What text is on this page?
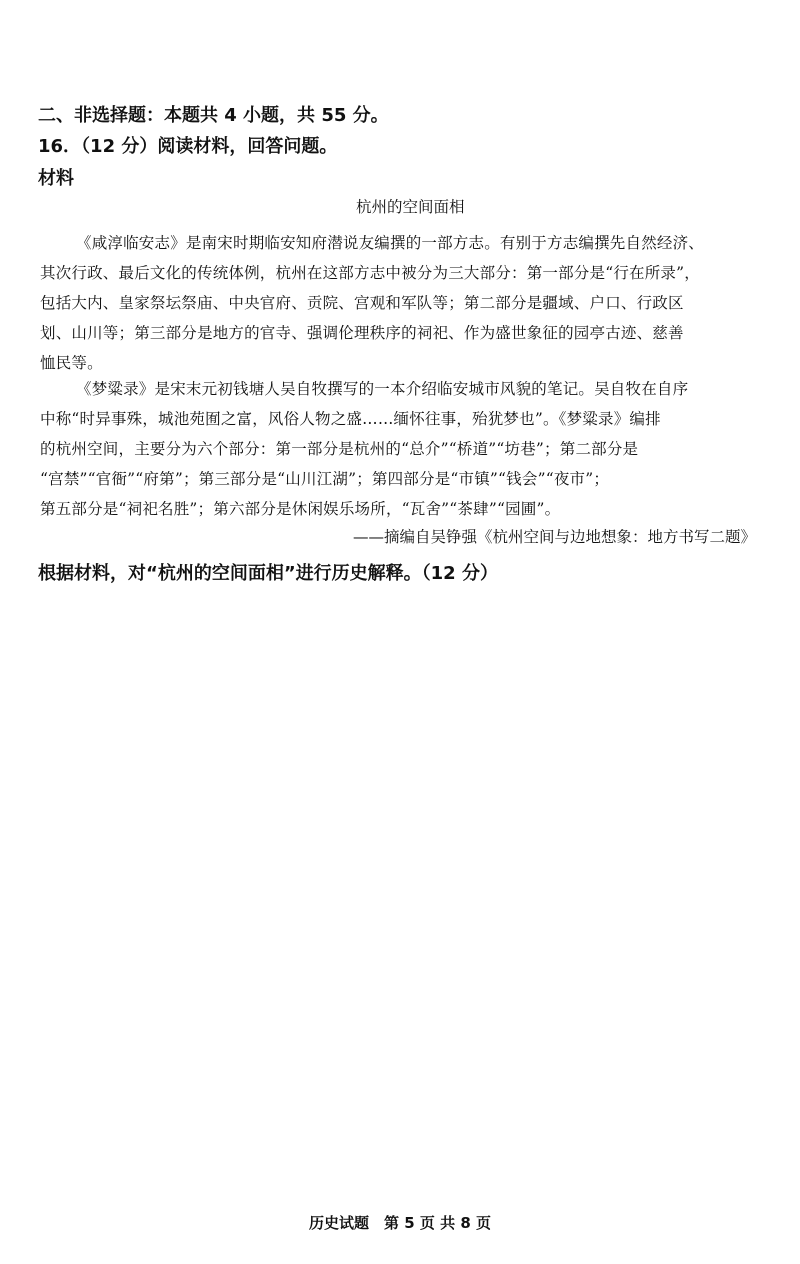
二、非选择题：本题共 4 小题，共 55 分。
16．（12 分）阅读材料，回答问题。
材料
杭州的空间面相
《咸淳临安志》是南宋时期临安知府潜说友编撰的一部方志。有别于方志编撰先自然经济、
其次行政、最后文化的传统体例，杭州在这部方志中被分为三大部分：第一部分是“行在所录”，
包括大内、皇家祭坛祭庙、中央官府、贡院、宫观和军队等；第二部分是疆域、户口、行政区
划、山川等；第三部分是地方的官寺、强调伦理秩序的祠祀、作为盛世象征的园亭古迹、慈善
恤民等。
《梦粱录》是宋末元初钱塘人吴自牧撰写的一本介绍临安城市风貌的笔记。吴自牧在自序
中称“时异事殊，城池苑囿之富，风俗人物之盛……缅怀往事，殆犹梦也”。《梦粱录》编排
的杭州空间，主要分为六个部分：第一部分是杭州的“总介”“桥道”“坊巷”；第二部分是
“宫禁”“官衙”“府第”；第三部分是“山川江湖”；第四部分是“市镇”“钱会”“夜市”；
第五部分是“祠祀名胜”；第六部分是休闲娱乐场所，“瓦舍”“茶肆”“园圃”。
——摘编自吴铮强《杭州空间与边地想象：地方书写二题》
根据材料，对“杭州的空间面相”进行历史解释。（12 分）
历史试题　第 5 页 共 8 页
